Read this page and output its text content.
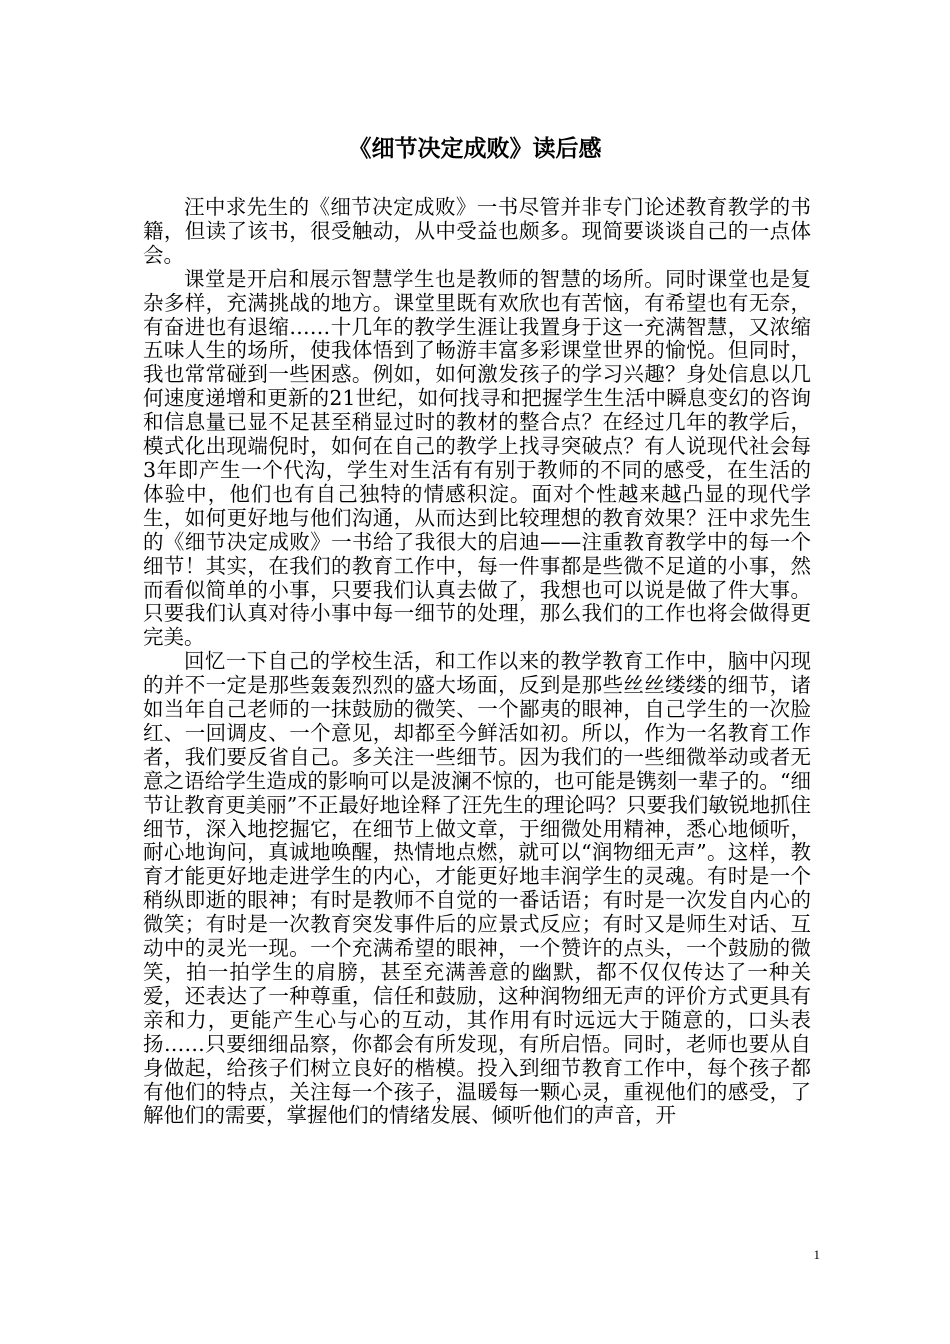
《细节决定成败》读后感

汪中求先生的《细节决定成败》一书尽管并非专门论述教育教学的书籍，但读了该书，很受触动，从中受益也颇多。现简要谈谈自己的一点体会。

课堂是开启和展示智慧学生也是教师的智慧的场所。同时课堂也是复杂多样，充满挑战的地方。课堂里既有欢欣也有苦恼，有希望也有无奈，有奋进也有退缩……十几年的教学生涯让我置身于这一充满智慧，又浓缩五味人生的场所，使我体悟到了畅游丰富多彩课堂世界的愉悦。但同时，我也常常碰到一些困惑。例如，如何激发孩子的学习兴趣？身处信息以几何速度递增和更新的21世纪，如何找寻和把握学生生活中瞬息变幻的咨询和信息量已显不足甚至稍显过时的教材的整合点？在经过几年的教学后，模式化出现端倪时，如何在自己的教学上找寻突破点？有人说现代社会每3年即产生一个代沟，学生对生活有有别于教师的不同的感受，在生活的体验中，他们也有自己独特的情感积淀。面对个性越来越凸显的现代学生，如何更好地与他们沟通，从而达到比较理想的教育效果？汪中求先生的《细节决定成败》一书给了我很大的启迪——注重教育教学中的每一个细节！其实，在我们的教育工作中，每一件事都是些微不足道的小事，然而看似简单的小事，只要我们认真去做了，我想也可以说是做了件大事。只要我们认真对待小事中每一细节的处理，那么我们的工作也将会做得更完美。

回忆一下自己的学校生活，和工作以来的教学教育工作中，脑中闪现的并不一定是那些轰轰烈烈的盛大场面，反到是那些丝丝缕缕的细节，诸如当年自己老师的一抹鼓励的微笑、一个鄙夷的眼神，自己学生的一次脸红、一回调皮、一个意见，却都至今鲜活如初。所以，作为一名教育工作者，我们要反省自己。多关注一些细节。因为我们的一些细微举动或者无意之语给学生造成的影响可以是波澜不惊的，也可能是镌刻一辈子的。“细节让教育更美丽”不正最好地诠释了汪先生的理论吗？只要我们敏锐地抓住细节，深入地挖掘它，在细节上做文章，于细微处用精神，悉心地倾听，耐心地询问，真诚地唤醒，热情地点燃，就可以“润物细无声”。这样，教育才能更好地走进学生的内心，才能更好地丰润学生的灵魂。有时是一个稍纵即逝的眼神；有时是教师不自觉的一番话语；有时是一次发自内心的微笑；有时是一次教育突发事件后的应景式反应；有时又是师生对话、互动中的灵光一现。一个充满希望的眼神，一个赞许的点头，一个鼓励的微笑，拍一拍学生的肩膀，甚至充满善意的幽默，都不仅仅传达了一种关爱，还表达了一种尊重，信任和鼓励，这种润物细无声的评价方式更具有亲和力，更能产生心与心的互动，其作用有时远远大于随意的，口头表扬……只要细细品察，你都会有所发现，有所启悟。同时，老师也要从自身做起，给孩子们树立良好的楷模。投入到细节教育工作中，每个孩子都有他们的特点，关注每一个孩子，温暖每一颗心灵，重视他们的感受，了解他们的需要，掌握他们的情绪发展、倾听他们的声音，开

1
